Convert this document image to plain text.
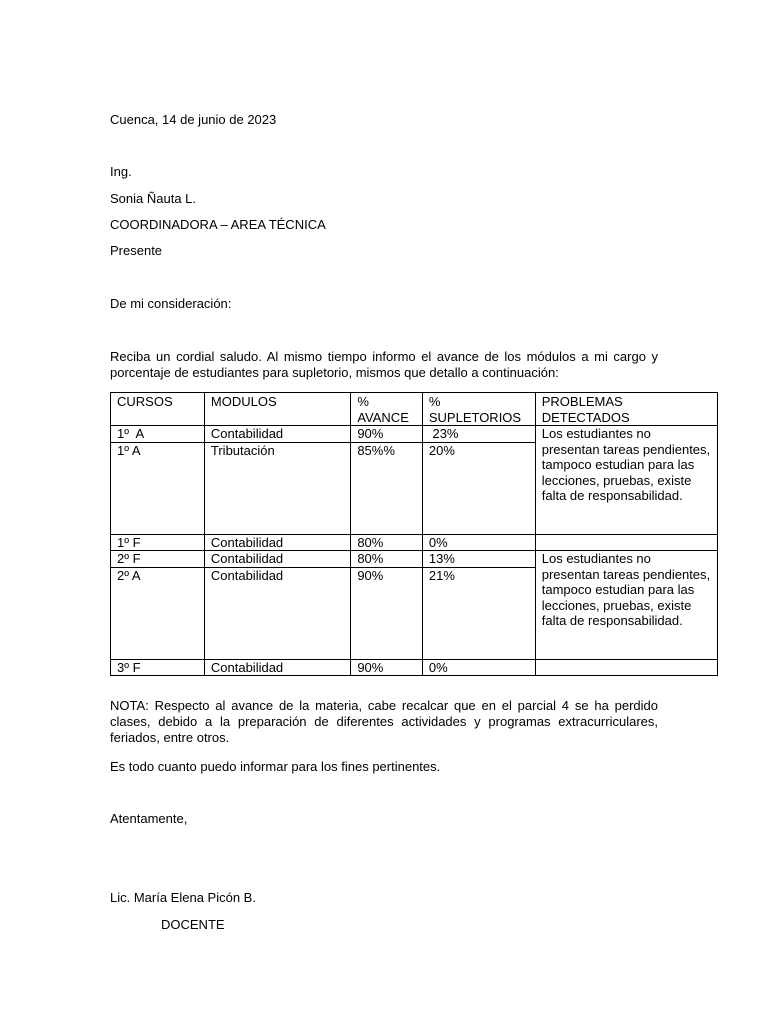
Cuenca, 14 de junio de 2023
Ing.
Sonia Ñauta L.
COORDINADORA – AREA TÉCNICA
Presente
De mi consideración:
Reciba un cordial saludo. Al mismo tiempo informo el avance de los módulos a mi cargo y porcentaje de estudiantes para supletorio, mismos que detallo a continuación:
CURSOS	MODULOS	% AVANCE	% SUPLETORIOS	PROBLEMAS DETECTADOS
1º  A	Contabilidad	90%	23%	Los estudiantes no presentan tareas pendientes, tampoco estudian para las lecciones, pruebas, existe falta de responsabilidad.
1º A	Tributación	85%%	20%	
1º F	Contabilidad	80%	0%	
2º F	Contabilidad	80%	13%	Los estudiantes no presentan tareas pendientes, tampoco estudian para las lecciones, pruebas, existe falta de responsabilidad.
2º A	Contabilidad	90%	21%	
3º F	Contabilidad	90%	0%	
NOTA: Respecto al avance de la materia, cabe recalcar que en el parcial 4 se ha perdido clases, debido a la preparación de diferentes actividades y programas extracurriculares, feriados, entre otros.
Es todo cuanto puedo informar para los fines pertinentes.
Atentamente,
Lic. María Elena Picón B.
DOCENTE
